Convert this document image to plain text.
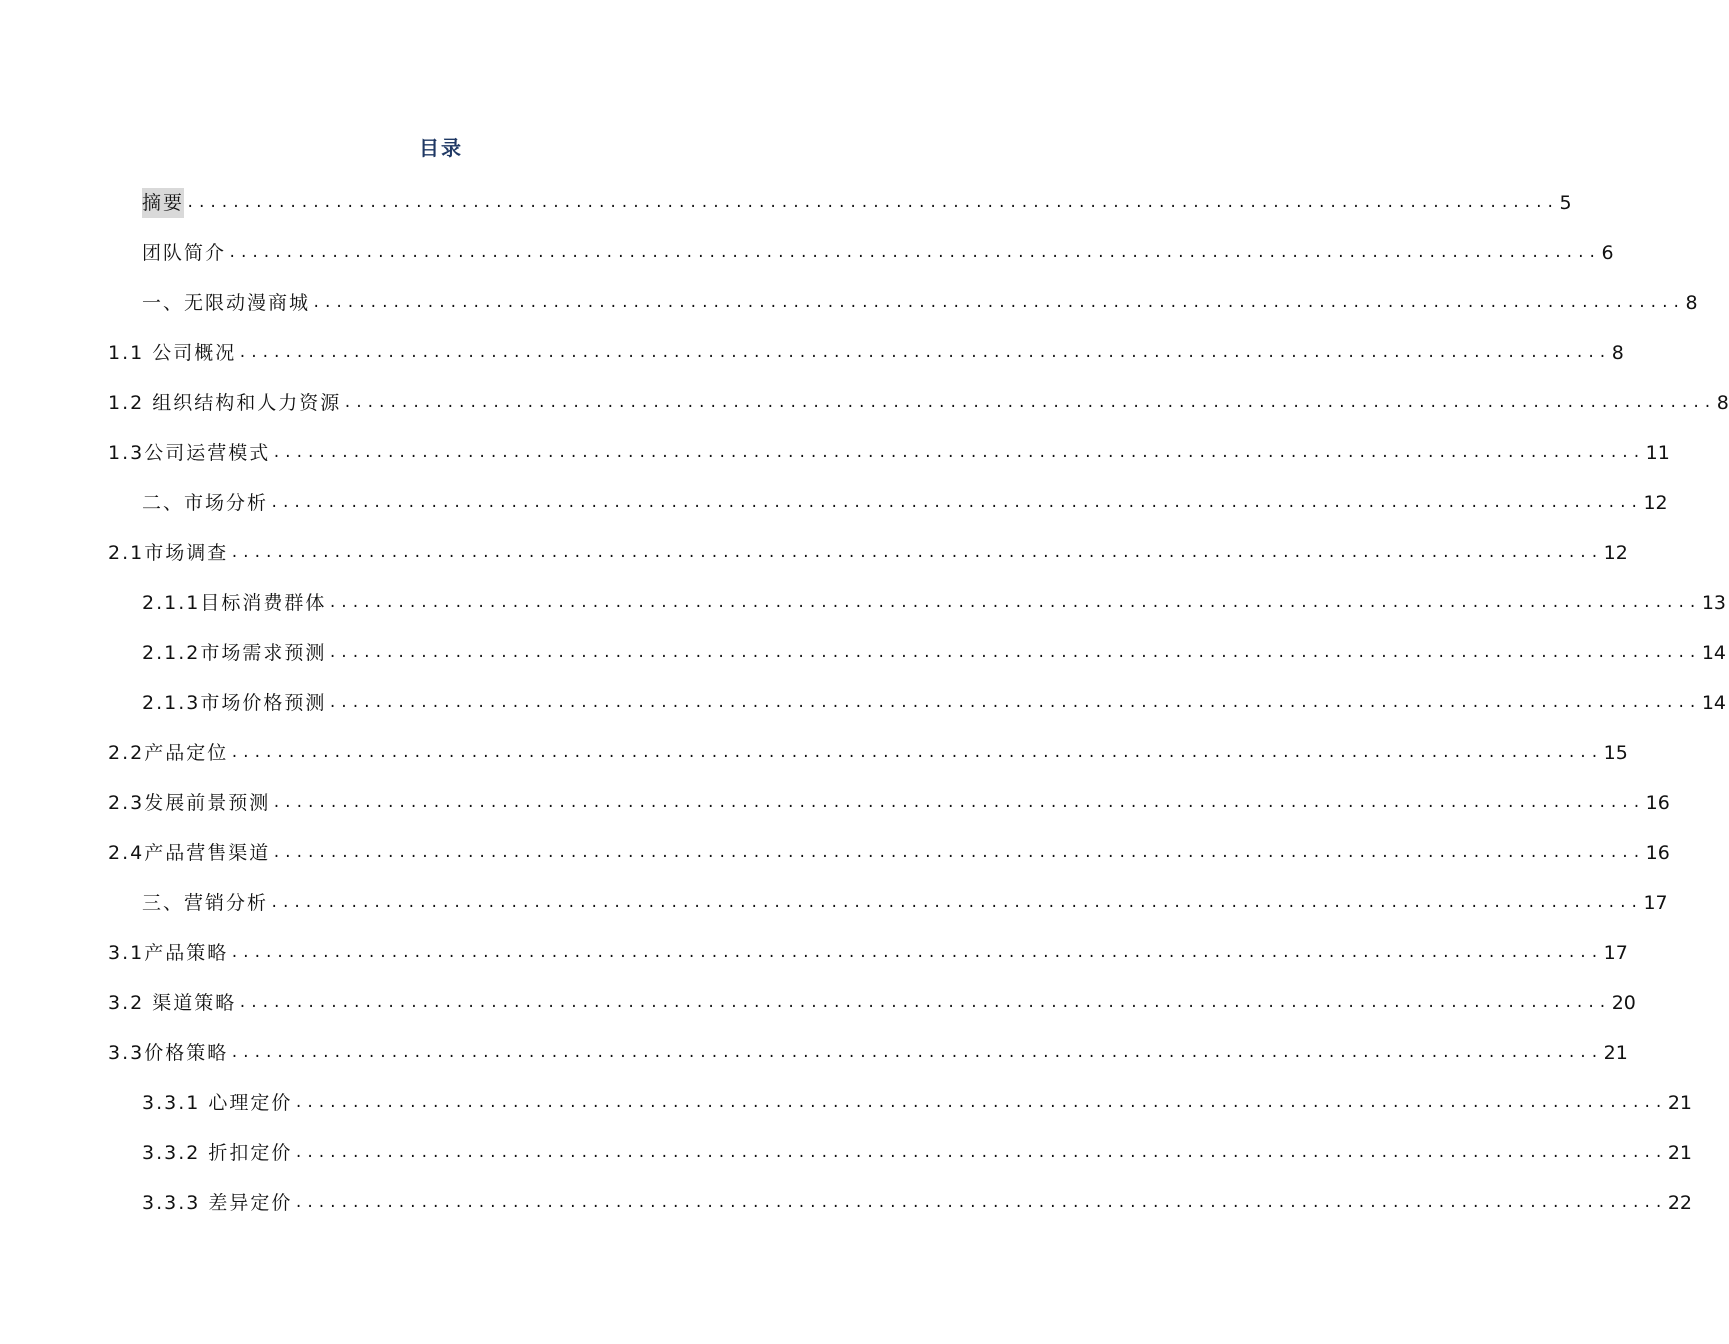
目录
摘要 ........................................................................................................................ 5
团队简介 ........................................................................................................................ 6
一、无限动漫商城 ........................................................................................................................ 8
1.1 公司概况 ........................................................................................................................ 8
1.2 组织结构和人力资源 ........................................................................................................................ 8
1.3公司运营模式 ........................................................................................................................ 11
二、市场分析 ........................................................................................................................ 12
2.1市场调查 ........................................................................................................................ 12
2.1.1目标消费群体 ........................................................................................................................ 13
2.1.2市场需求预测 ........................................................................................................................ 14
2.1.3市场价格预测 ........................................................................................................................ 14
2.2产品定位 ........................................................................................................................ 15
2.3发展前景预测 ........................................................................................................................ 16
2.4产品营售渠道 ........................................................................................................................ 16
三、营销分析 ........................................................................................................................ 17
3.1产品策略 ........................................................................................................................ 17
3.2 渠道策略 ........................................................................................................................ 20
3.3价格策略 ........................................................................................................................ 21
3.3.1 心理定价 ........................................................................................................................ 21
3.3.2 折扣定价 ........................................................................................................................ 21
3.3.3 差异定价 ........................................................................................................................ 22
